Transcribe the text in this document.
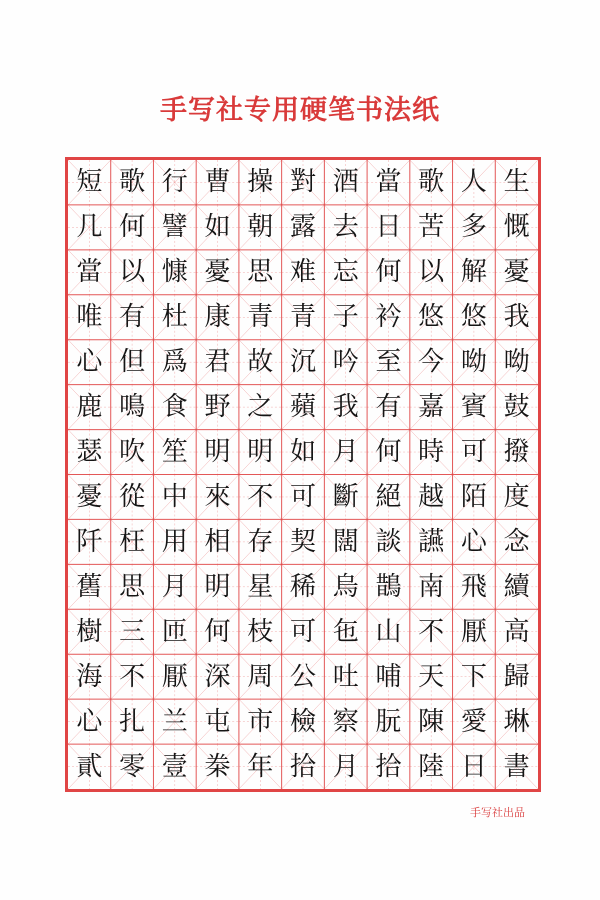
手写社专用硬笔书法纸
生
慨
憂
我
呦
鼓
撥
度
念
續
高
歸
琳
書
人
多
解
悠
呦
賓
可
陌
心
飛
厭
下
愛
日
歌
苦
以
悠
今
嘉
時
越
讌
南
不
天
陳
陸
當
日
何
衿
至
有
何
絕
談
鵲
山
哺
朊
拾
酒
去
忘
子
吟
我
月
斷
闊
烏
㐌
吐
察
月
對
露
难
青
沉
蘋
如
可
契
稀
可
公
檢
拾
操
朝
思
青
故
之
明
不
存
星
枝
周
市
年
曹
如
憂
康
君
野
明
來
相
明
何
深
屯
桊
行
譬
慷
杜
爲
食
笙
中
用
月
匝
厭
兰
壹
歌
何
以
有
但
鳴
吹
從
枉
思
三
不
扎
零
短
几
當
唯
心
鹿
瑟
憂
阡
舊
樹
海
心
貳
手写社出品
